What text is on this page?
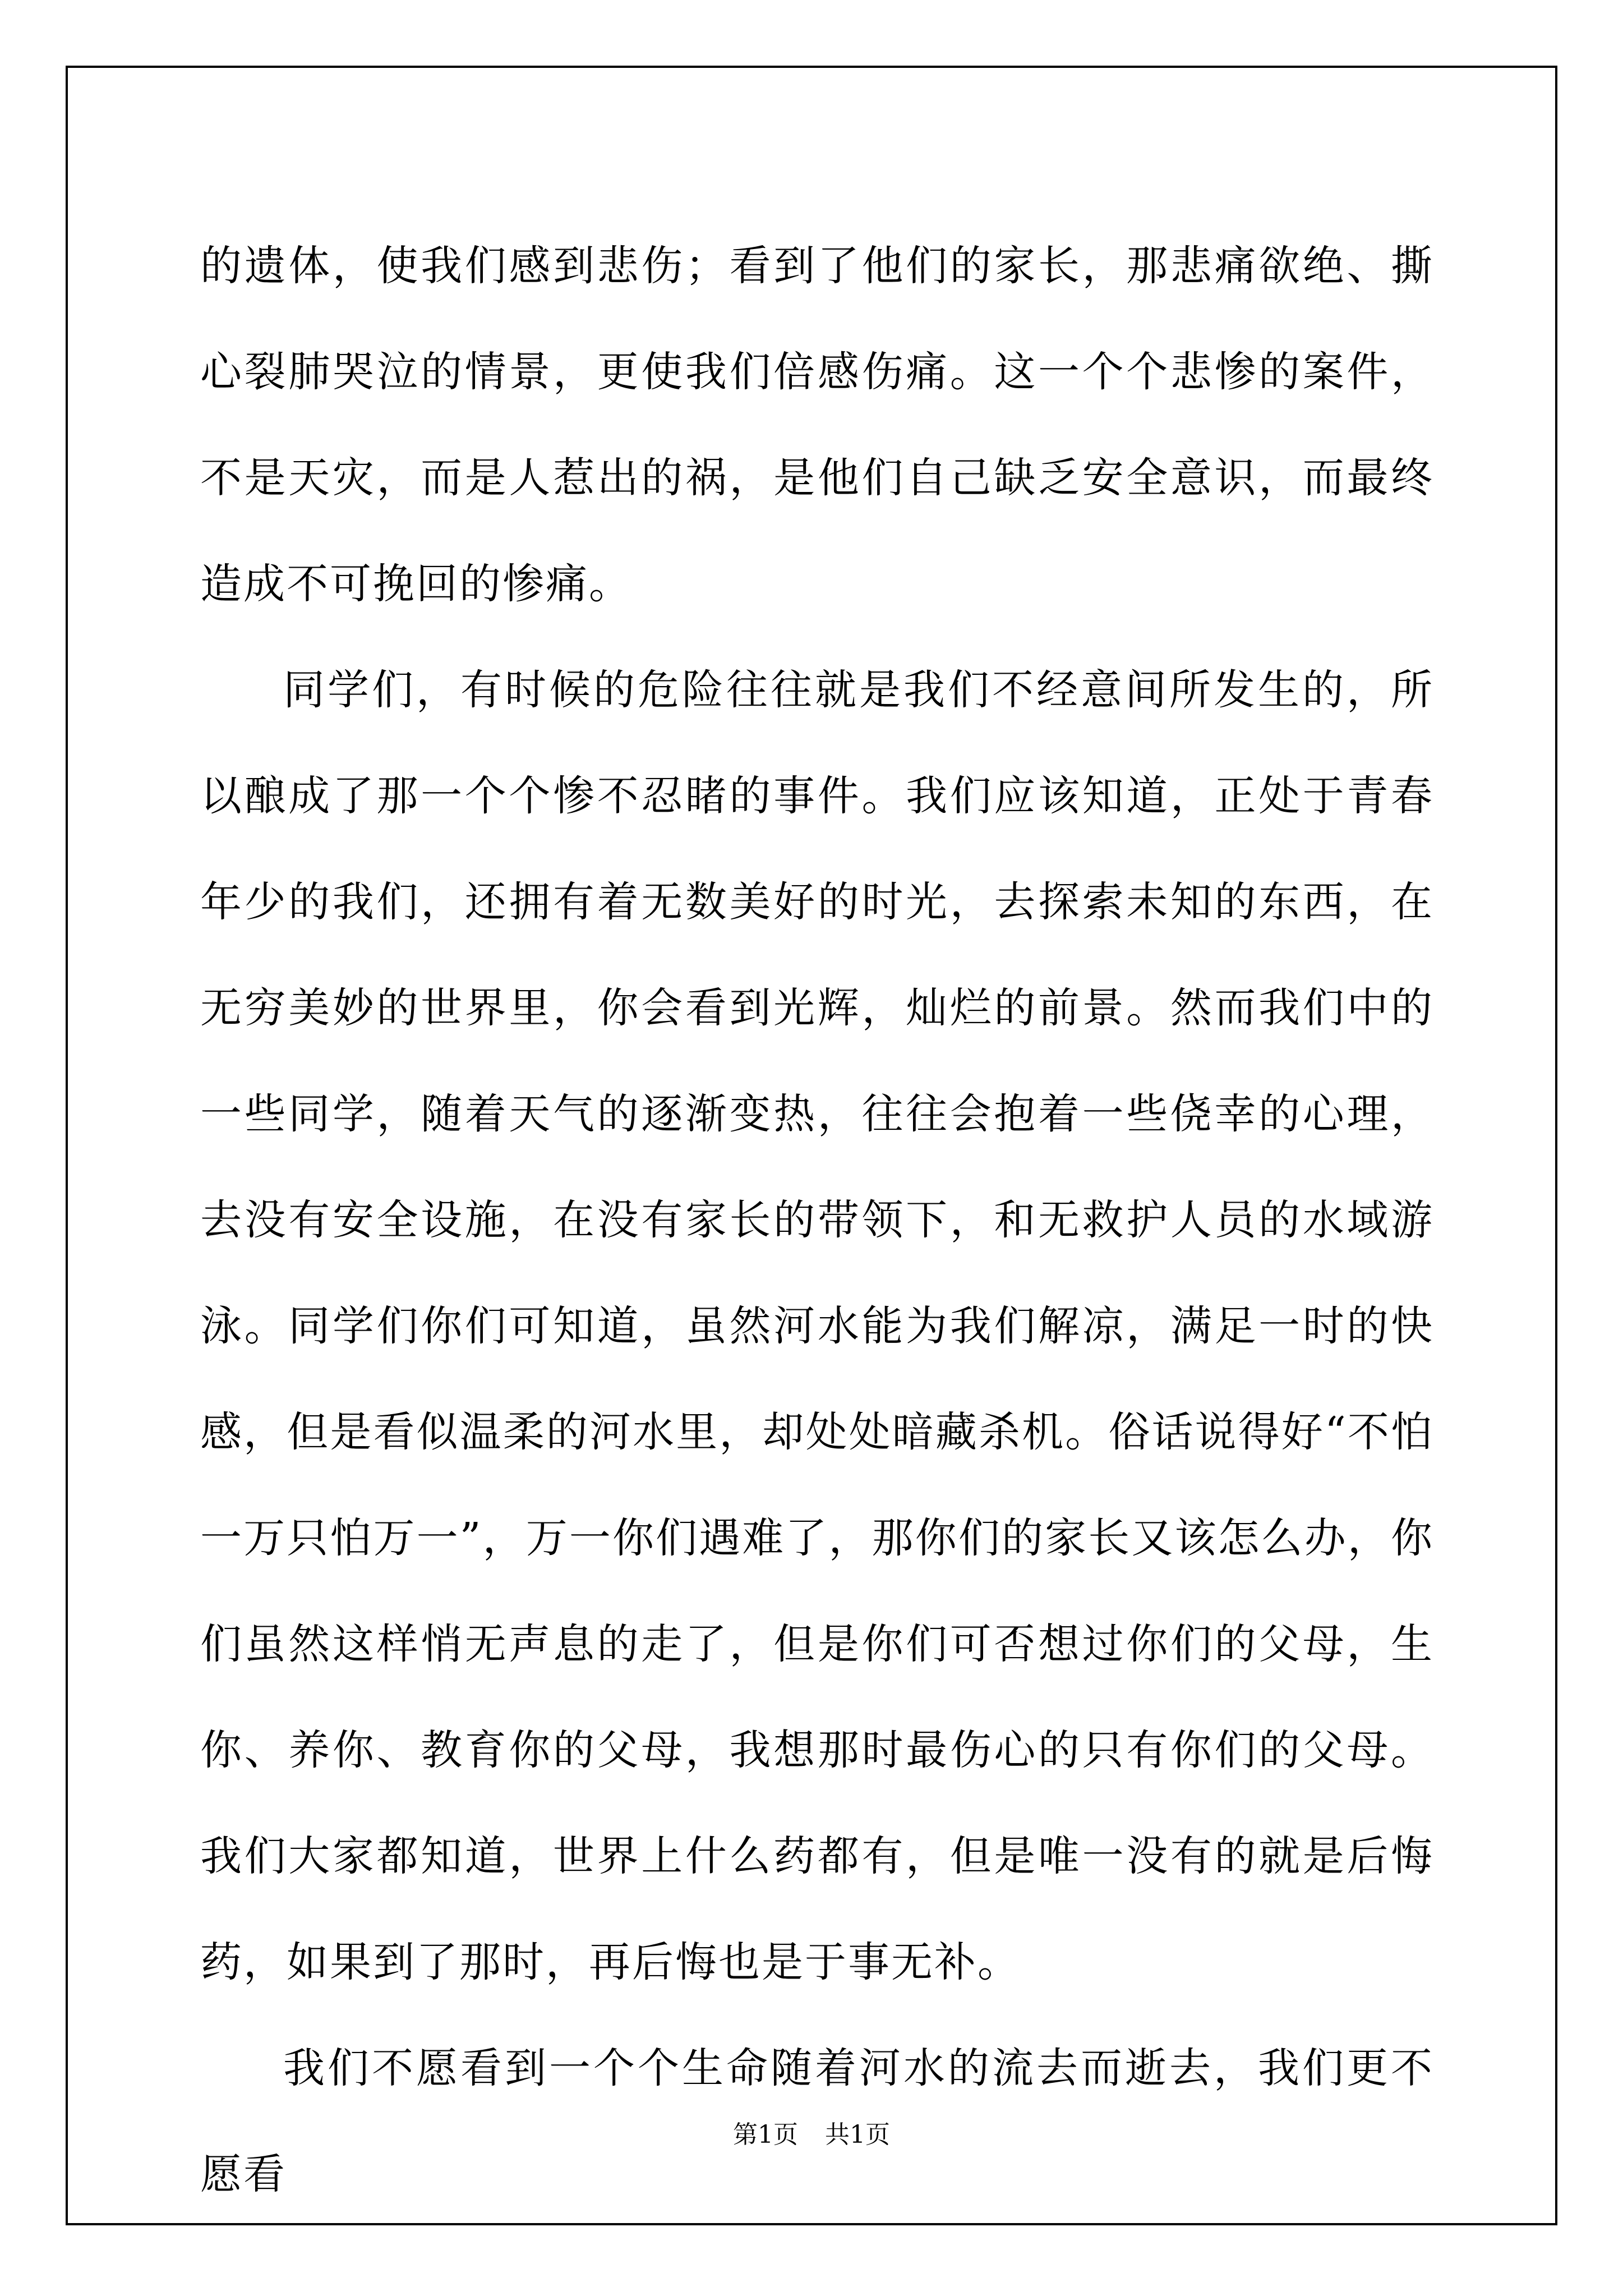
的遗体，使我们感到悲伤；看到了他们的家长，那悲痛欲绝、撕心裂肺哭泣的情景，更使我们倍感伤痛。这一个个悲惨的案件，不是天灾，而是人惹出的祸，是他们自己缺乏安全意识，而最终造成不可挽回的惨痛。

同学们，有时候的危险往往就是我们不经意间所发生的，所以酿成了那一个个惨不忍睹的事件。我们应该知道，正处于青春年少的我们，还拥有着无数美好的时光，去探索未知的东西，在无穷美妙的世界里，你会看到光辉，灿烂的前景。然而我们中的一些同学，随着天气的逐渐变热，往往会抱着一些侥幸的心理，去没有安全设施，在没有家长的带领下，和无救护人员的水域游泳。同学们你们可知道，虽然河水能为我们解凉，满足一时的快感，但是看似温柔的河水里，却处处暗藏杀机。俗话说得好“不怕一万只怕万一”，万一你们遇难了，那你们的家长又该怎么办，你们虽然这样悄无声息的走了，但是你们可否想过你们的父母，生你、养你、教育你的父母，我想那时最伤心的只有你们的父母。我们大家都知道，世界上什么药都有，但是唯一没有的就是后悔药，如果到了那时，再后悔也是于事无补。

我们不愿看到一个个生命随着河水的流去而逝去，我们更不愿看

第1页 共1页
